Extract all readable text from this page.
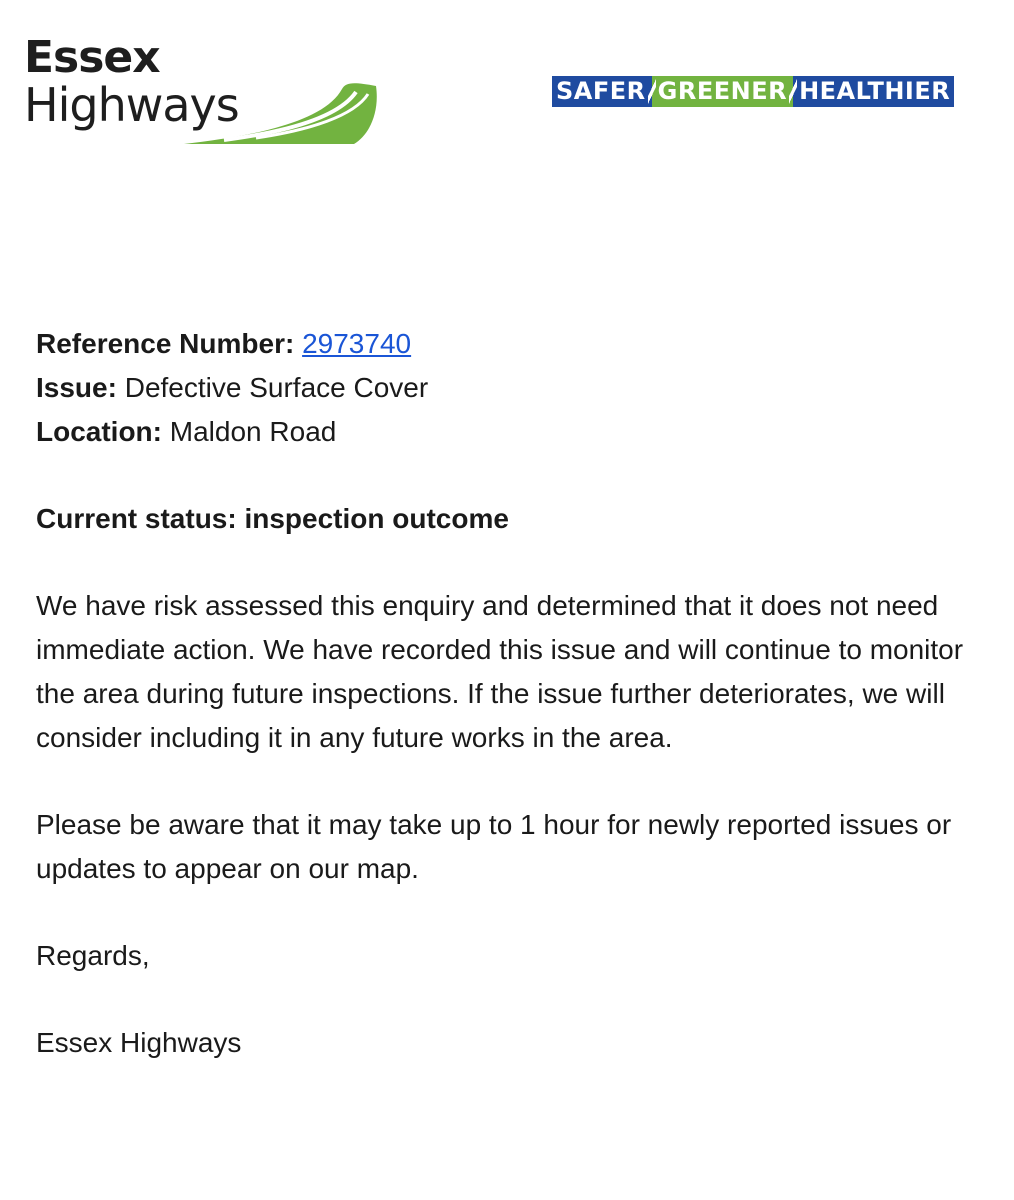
Essex
Highways	SAFER GREENER HEALTHIER

Reference Number: 2973740

Issue: Defective Surface Cover

Location: Maldon Road

Current status: inspection outcome

We have risk assessed this enquiry and determined that it does not need immediate action. We have recorded this issue and will continue to monitor the area during future inspections. If the issue further deteriorates, we will consider including it in any future works in the area.

Please be aware that it may take up to 1 hour for newly reported issues or updates to appear on our map.

Regards,

Essex Highways
